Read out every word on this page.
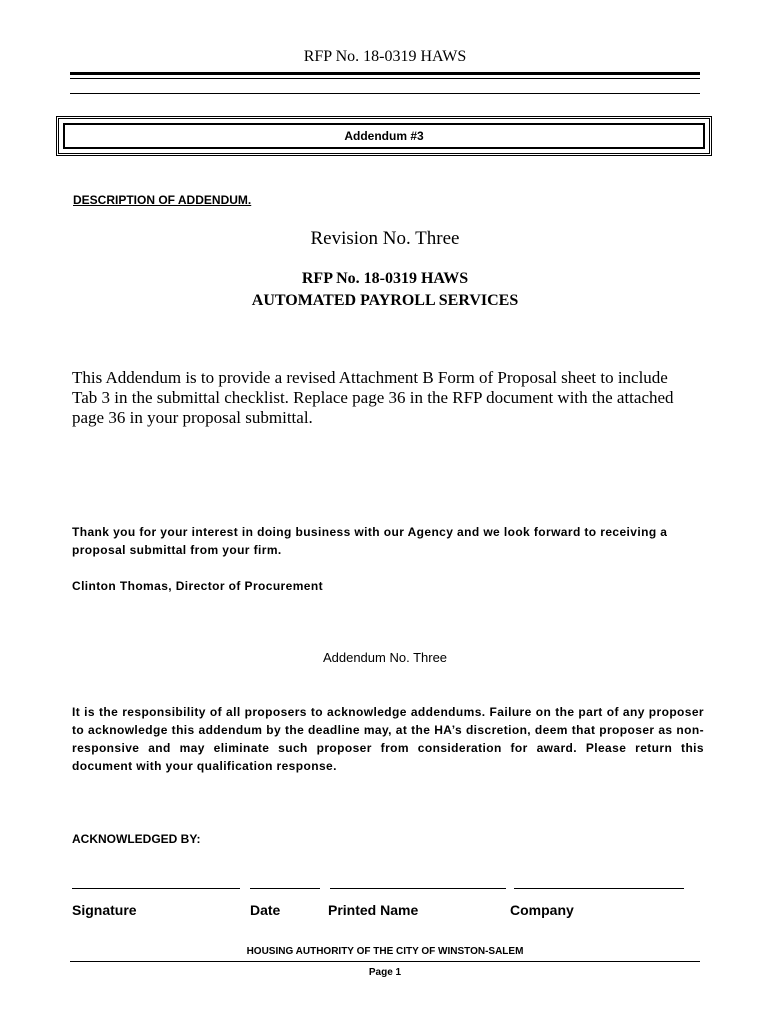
RFP No. 18-0319 HAWS
Addendum #3
DESCRIPTION OF ADDENDUM.
Revision No. Three
RFP No. 18-0319 HAWS
AUTOMATED PAYROLL SERVICES
This Addendum is to provide a revised Attachment B Form of Proposal sheet to include Tab 3 in the submittal checklist. Replace page 36 in the RFP document with the attached page 36 in your proposal submittal.
Thank you for your interest in doing business with our Agency and we look forward to receiving a proposal submittal from your firm.
Clinton Thomas, Director of Procurement
Addendum No. Three
It is the responsibility of all proposers to acknowledge addendums. Failure on the part of any proposer to acknowledge this addendum by the deadline may, at the HA’s discretion, deem that proposer as non-responsive and may eliminate such proposer from consideration for award. Please return this document with your qualification response.
ACKNOWLEDGED BY:
Signature	Date	Printed Name	Company
HOUSING AUTHORITY OF THE CITY OF WINSTON-SALEM
Page 1
